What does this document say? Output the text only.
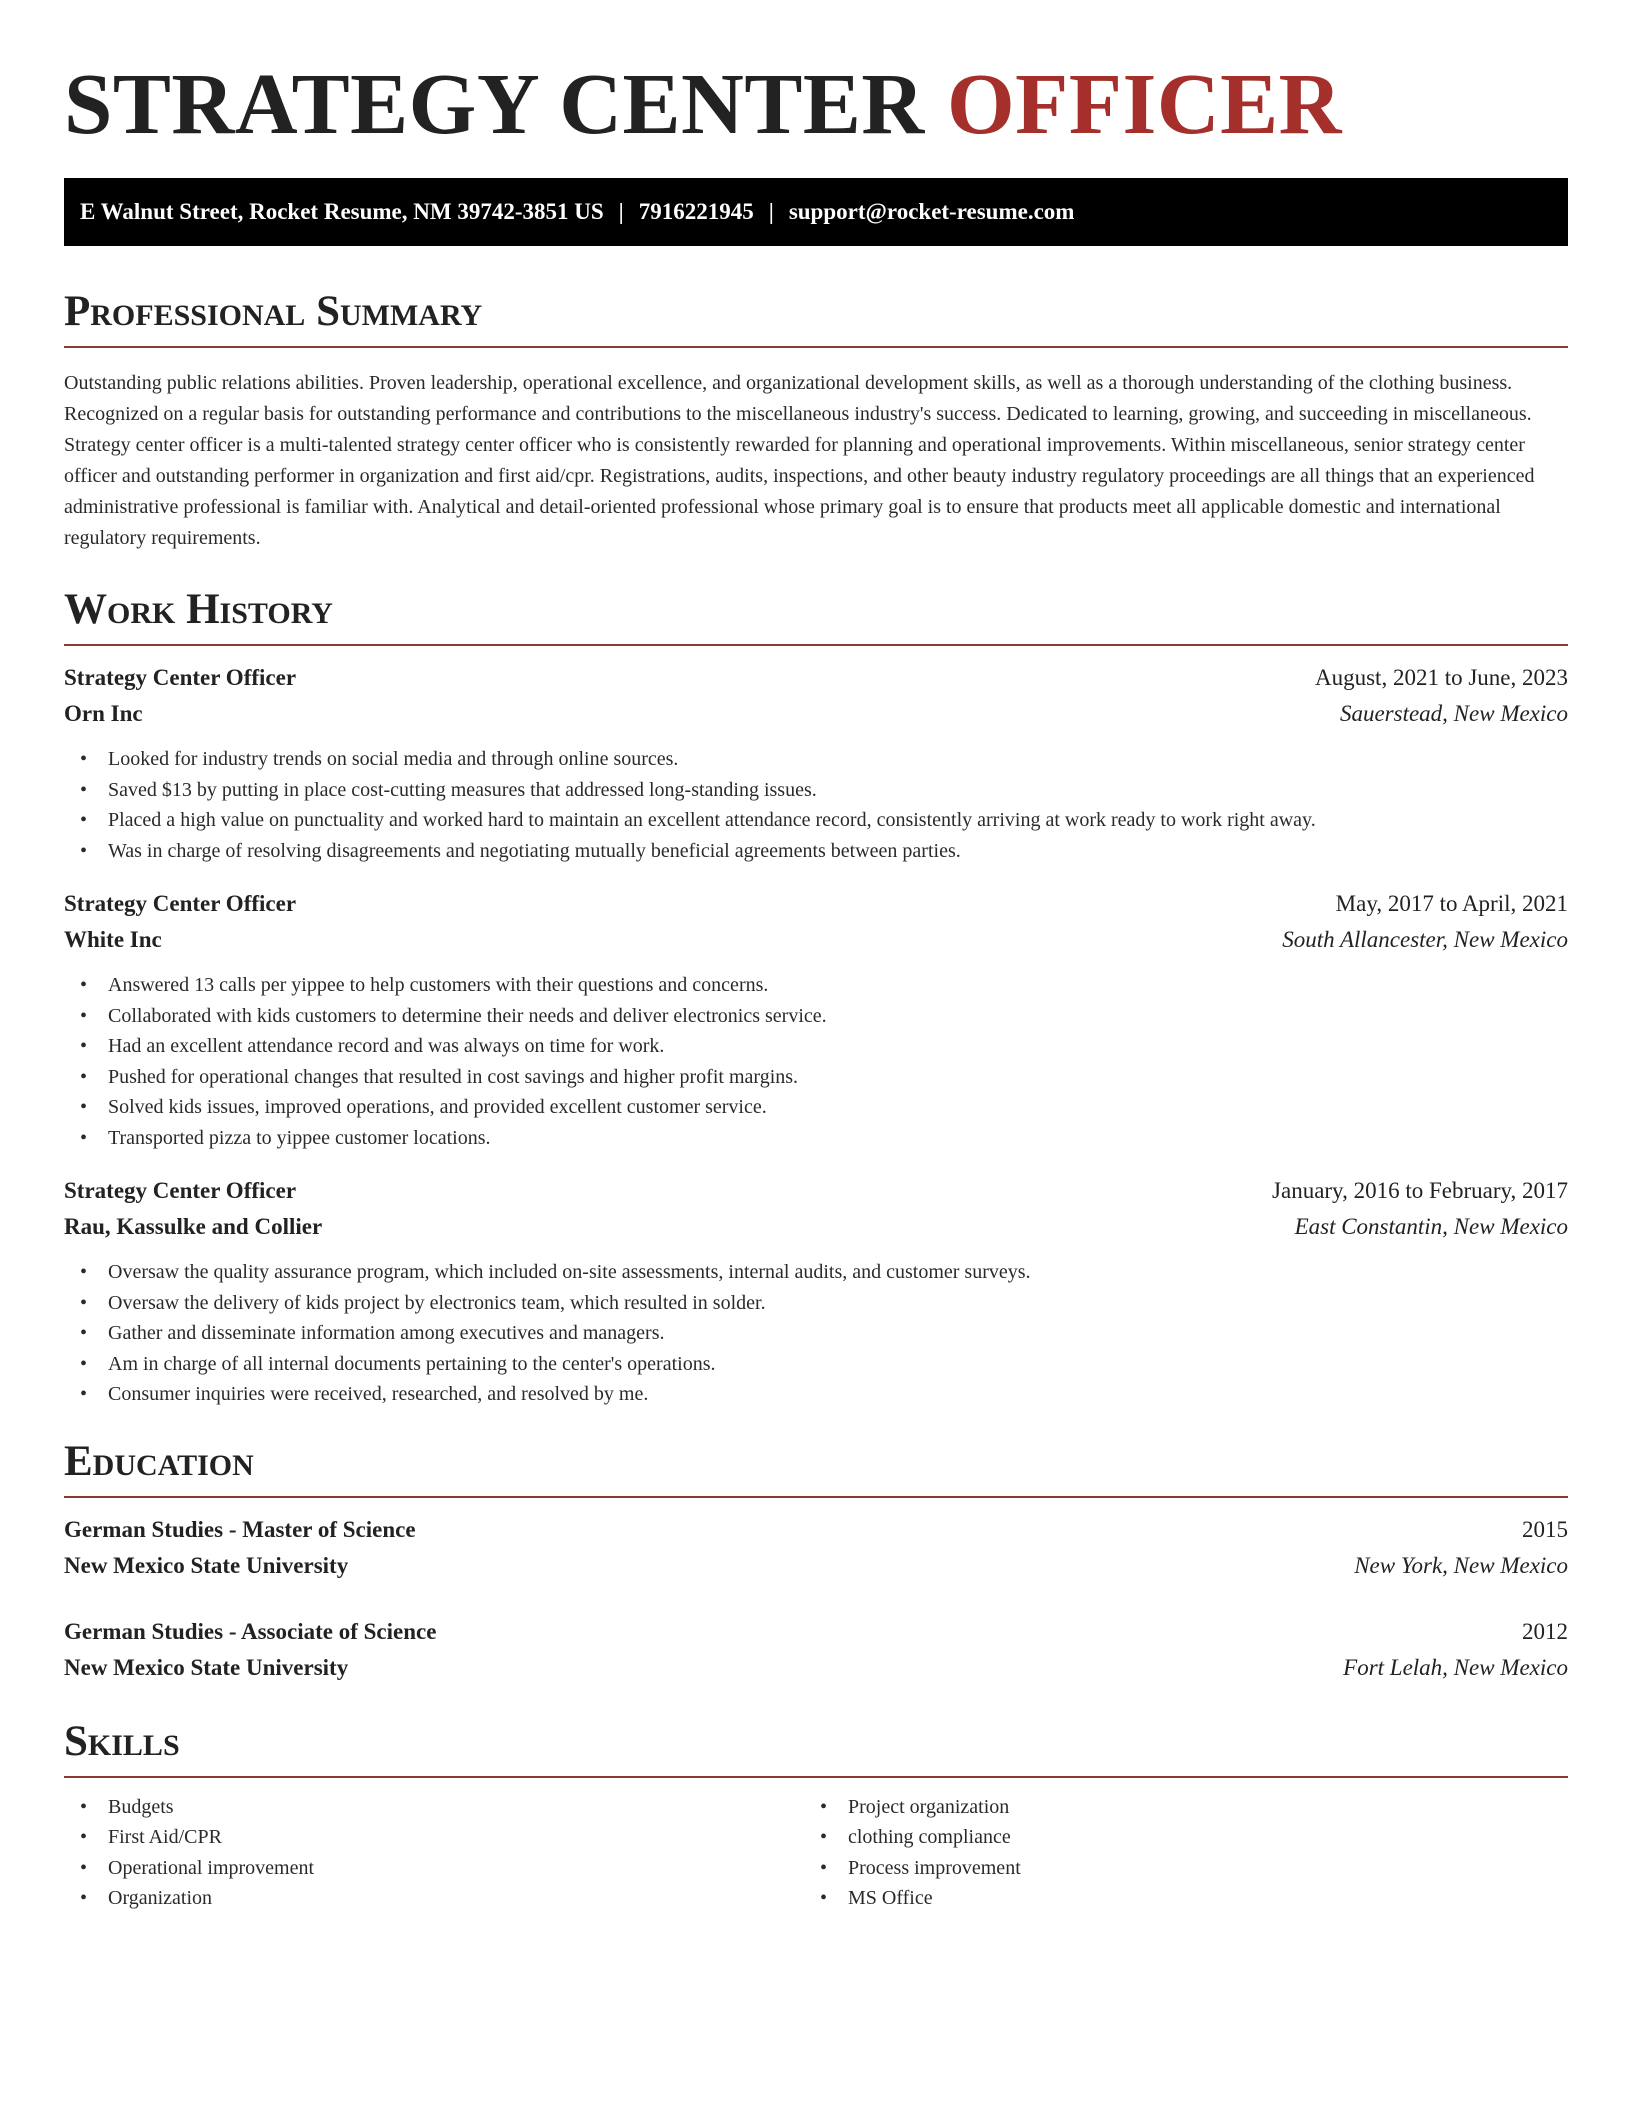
STRATEGY CENTER OFFICER
E Walnut Street, Rocket Resume, NM 39742-3851 US | 7916221945 | support@rocket-resume.com
Professional Summary

Outstanding public relations abilities. Proven leadership, operational excellence, and organizational development skills, as well as a thorough understanding of the clothing business. Recognized on a regular basis for outstanding performance and contributions to the miscellaneous industry's success. Dedicated to learning, growing, and succeeding in miscellaneous. Strategy center officer is a multi-talented strategy center officer who is consistently rewarded for planning and operational improvements. Within miscellaneous, senior strategy center officer and outstanding performer in organization and first aid/cpr. Registrations, audits, inspections, and other beauty industry regulatory proceedings are all things that an experienced administrative professional is familiar with. Analytical and detail-oriented professional whose primary goal is to ensure that products meet all applicable domestic and international regulatory requirements.

Work History
Strategy Center Officer	August, 2021 to June, 2023
Orn Inc	Sauerstead, New Mexico
• Looked for industry trends on social media and through online sources.
• Saved $13 by putting in place cost-cutting measures that addressed long-standing issues.
• Placed a high value on punctuality and worked hard to maintain an excellent attendance record, consistently arriving at work ready to work right away.
• Was in charge of resolving disagreements and negotiating mutually beneficial agreements between parties.
Strategy Center Officer	May, 2017 to April, 2021
White Inc	South Allancester, New Mexico
• Answered 13 calls per yippee to help customers with their questions and concerns.
• Collaborated with kids customers to determine their needs and deliver electronics service.
• Had an excellent attendance record and was always on time for work.
• Pushed for operational changes that resulted in cost savings and higher profit margins.
• Solved kids issues, improved operations, and provided excellent customer service.
• Transported pizza to yippee customer locations.
Strategy Center Officer	January, 2016 to February, 2017
Rau, Kassulke and Collier	East Constantin, New Mexico
• Oversaw the quality assurance program, which included on-site assessments, internal audits, and customer surveys.
• Oversaw the delivery of kids project by electronics team, which resulted in solder.
• Gather and disseminate information among executives and managers.
• Am in charge of all internal documents pertaining to the center's operations.
• Consumer inquiries were received, researched, and resolved by me.
Education
German Studies - Master of Science	2015
New Mexico State University	New York, New Mexico
German Studies - Associate of Science	2012
New Mexico State University	Fort Lelah, New Mexico
Skills
• Budgets
• First Aid/CPR
• Operational improvement
• Organization
• Project organization
• clothing compliance
• Process improvement
• MS Office
